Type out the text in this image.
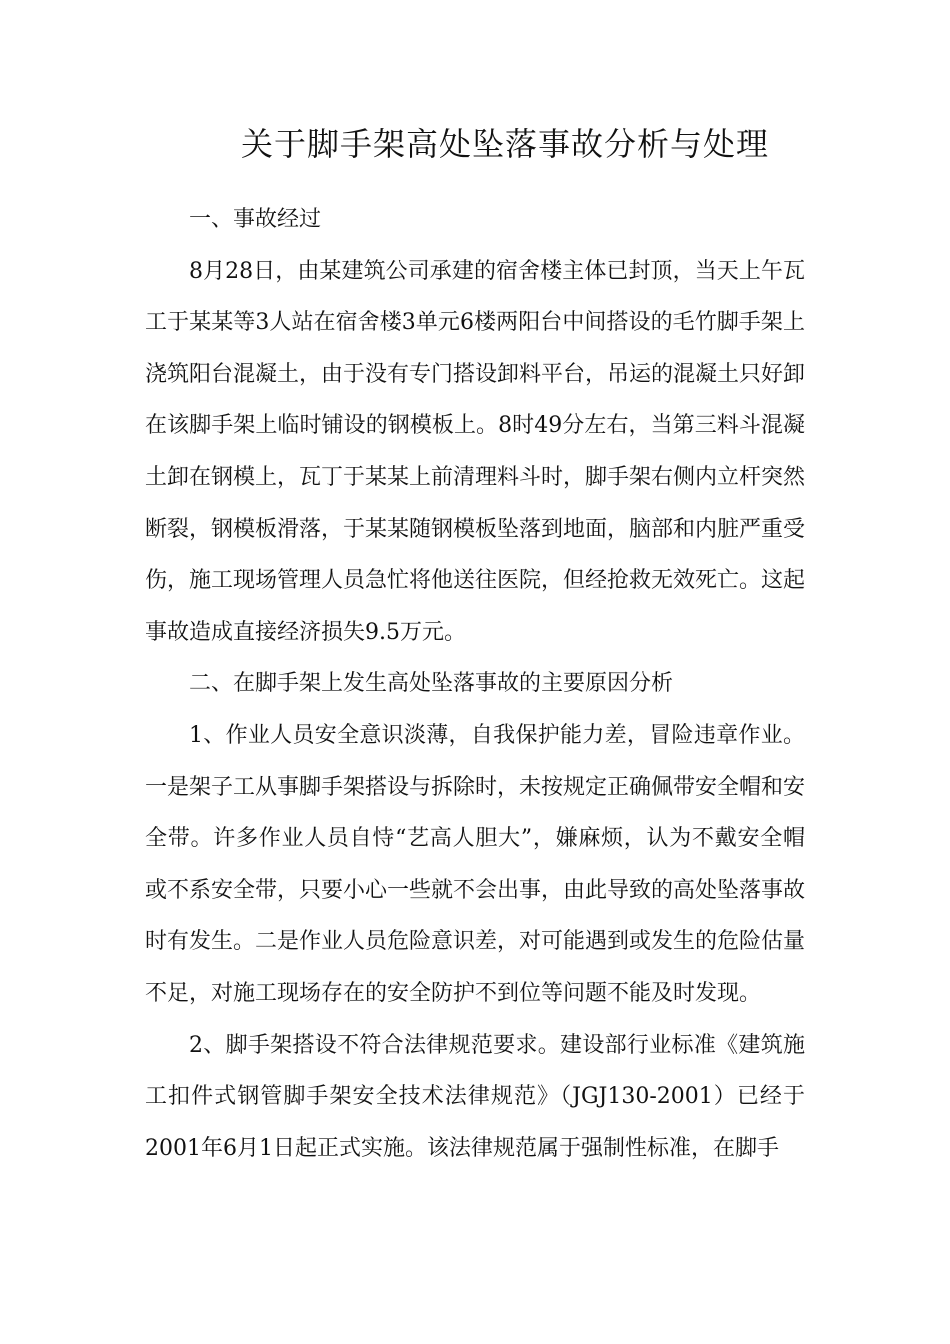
关于脚手架高处坠落事故分析与处理

一、事故经过

8月28日，由某建筑公司承建的宿舍楼主体已封顶，当天上午瓦工于某某等3人站在宿舍楼3单元6楼两阳台中间搭设的毛竹脚手架上浇筑阳台混凝土，由于没有专门搭设卸料平台，吊运的混凝土只好卸在该脚手架上临时铺设的钢模板上。8时49分左右，当第三料斗混凝土卸在钢模上，瓦丁于某某上前清理料斗时，脚手架右侧内立杆突然断裂，钢模板滑落，于某某随钢模板坠落到地面，脑部和内脏严重受伤，施工现场管理人员急忙将他送往医院，但经抢救无效死亡。这起事故造成直接经济损失9.5万元。

二、在脚手架上发生高处坠落事故的主要原因分析

1、作业人员安全意识淡薄，自我保护能力差，冒险违章作业。一是架子工从事脚手架搭设与拆除时，未按规定正确佩带安全帽和安全带。许多作业人员自恃“艺高人胆大”，嫌麻烦，认为不戴安全帽或不系安全带，只要小心一些就不会出事，由此导致的高处坠落事故时有发生。二是作业人员危险意识差，对可能遇到或发生的危险估量不足，对施工现场存在的安全防护不到位等问题不能及时发现。

2、脚手架搭设不符合法律规范要求。建设部行业标准《建筑施工扣件式钢管脚手架安全技术法律规范》（JGJ130-2001）已经于2001年6月1日起正式实施。该法律规范属于强制性标准，在脚手
